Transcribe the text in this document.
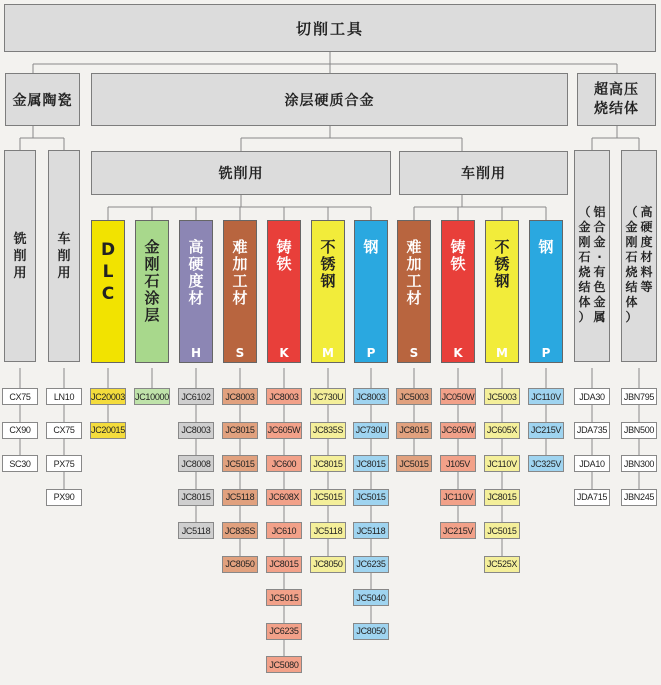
切削工具
金属陶瓷	涂层硬质合金
超高压
烧结体
铣削用	车削用
铣
削
用
CX75
CX90
SC30
车
削
用
LN10
CX75
PX75
PX90
D
L
C
JC20003
JC20015
金
刚
石
涂
层
JC10000
高
硬
度
材
H
JC6102
JC8003
JC8008
JC8015
JC5118
难
加
工
材
S
JC8003
JC8015
JC5015
JC5118
JC835S
JC8050
铸
铁
K
JC8003
JC605W
JC600
JC608X
JC610
JC8015
JC5015
JC6235
JC5080
不
锈
钢
M
JC730U
JC835S
JC8015
JC5015
JC5118
JC8050
钢
P
JC8003
JC730U
JC8015
JC5015
JC5118
JC6235
JC5040
JC8050
难
加
工
材
S
JC5003
JC8015
JC5015
铸
铁
K
JC050W
JC605W
J105V
JC110V
JC215V
不
锈
钢
M
JC5003
JC605X
JC110V
JC8015
JC5015
JC525X
钢
P
JC110V
JC215V
JC325V
（
金
刚
石
烧
结
体
）
铝
合
金
·
有
色
金
属
JDA30
JDA735
JDA10
JDA715
（
金
刚
石
烧
结
体
）
高
硬
度
材
料
等
JBN795
JBN500
JBN300
JBN245
